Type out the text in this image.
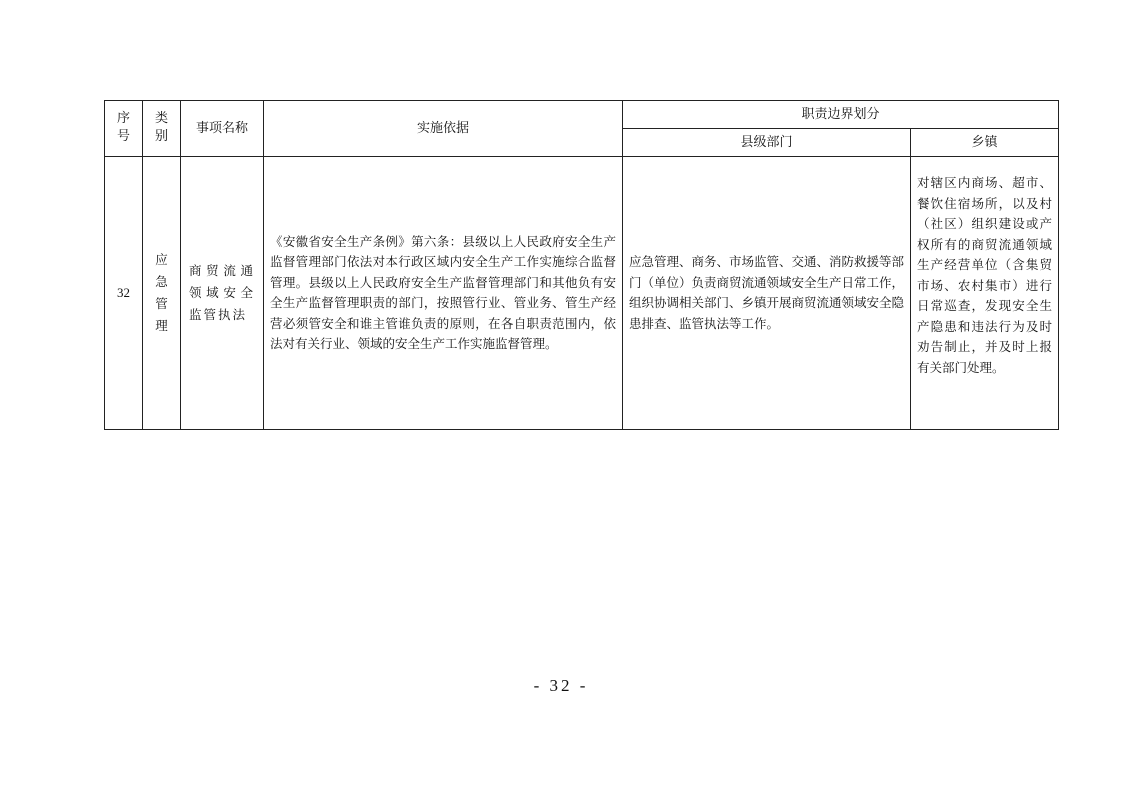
序号	类别	事项名称	实施依据	职责边界划分	
				县级部门	乡镇
32	应急管理	商贸流通领域安全监管执法	《安徽省安全生产条例》第六条：县级以上人民政府安全生产监督管理部门依法对本行政区域内安全生产工作实施综合监督管理。县级以上人民政府安全生产监督管理部门和其他负有安全生产监督管理职责的部门，按照管行业、管业务、管生产经营必须管安全和谁主管谁负责的原则，在各自职责范围内，依法对有关行业、领域的安全生产工作实施监督管理。	应急管理、商务、市场监管、交通、消防救援等部门（单位）负责商贸流通领域安全生产日常工作，组织协调相关部门、乡镇开展商贸流通领域安全隐患排查、监管执法等工作。	对辖区内商场、超市、餐饮住宿场所，以及村（社区）组织建设或产权所有的商贸流通领域生产经营单位（含集贸市场、农村集市）进行日常巡查，发现安全生产隐患和违法行为及时劝告制止，并及时上报有关部门处理。
- 32 -
